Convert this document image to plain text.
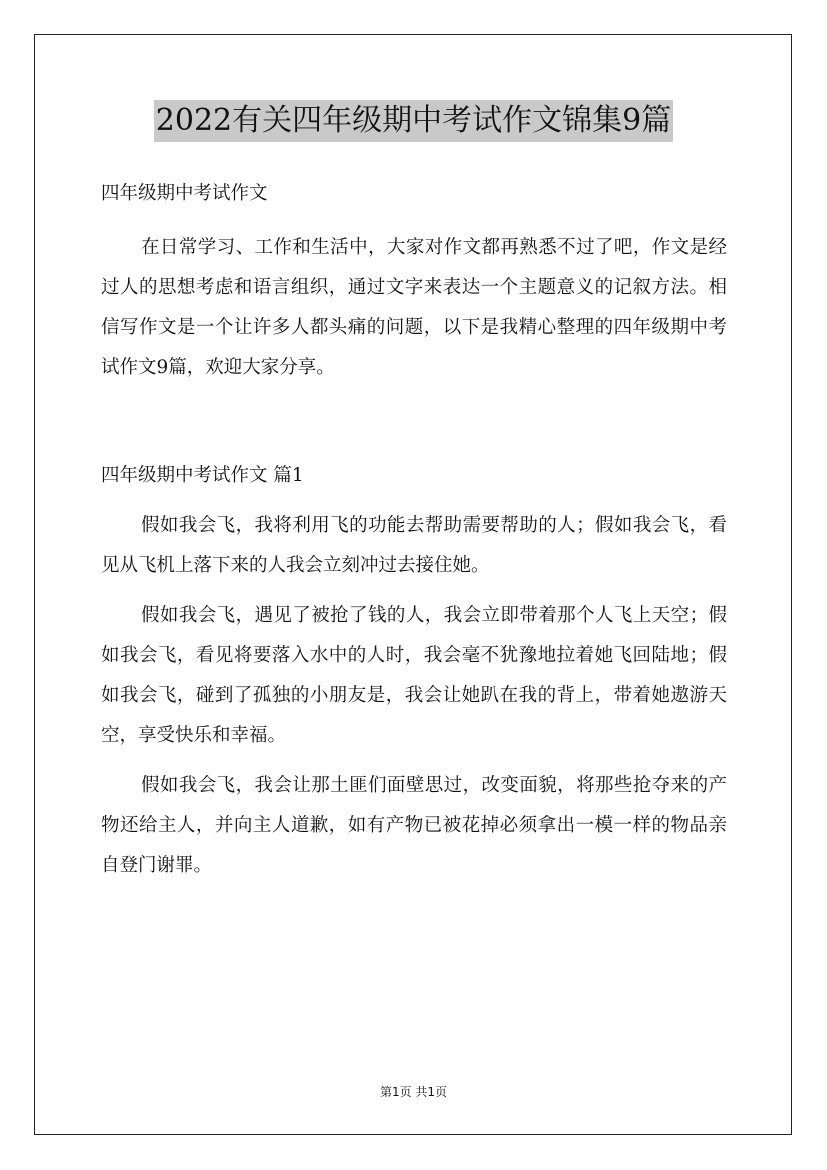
2022有关四年级期中考试作文锦集9篇

四年级期中考试作文

在日常学习、工作和生活中，大家对作文都再熟悉不过了吧，作文是经过人的思想考虑和语言组织，通过文字来表达一个主题意义的记叙方法。相信写作文是一个让许多人都头痛的问题，以下是我精心整理的四年级期中考试作文9篇，欢迎大家分享。

四年级期中考试作文 篇1

假如我会飞，我将利用飞的功能去帮助需要帮助的人；假如我会飞，看见从飞机上落下来的人我会立刻冲过去接住她。

假如我会飞，遇见了被抢了钱的人，我会立即带着那个人飞上天空；假如我会飞，看见将要落入水中的人时，我会毫不犹豫地拉着她飞回陆地；假如我会飞，碰到了孤独的小朋友是，我会让她趴在我的背上，带着她遨游天空，享受快乐和幸福。

假如我会飞，我会让那土匪们面壁思过，改变面貌，将那些抢夺来的产物还给主人，并向主人道歉，如有产物已被花掉必须拿出一模一样的物品亲自登门谢罪。

第1页 共1页
